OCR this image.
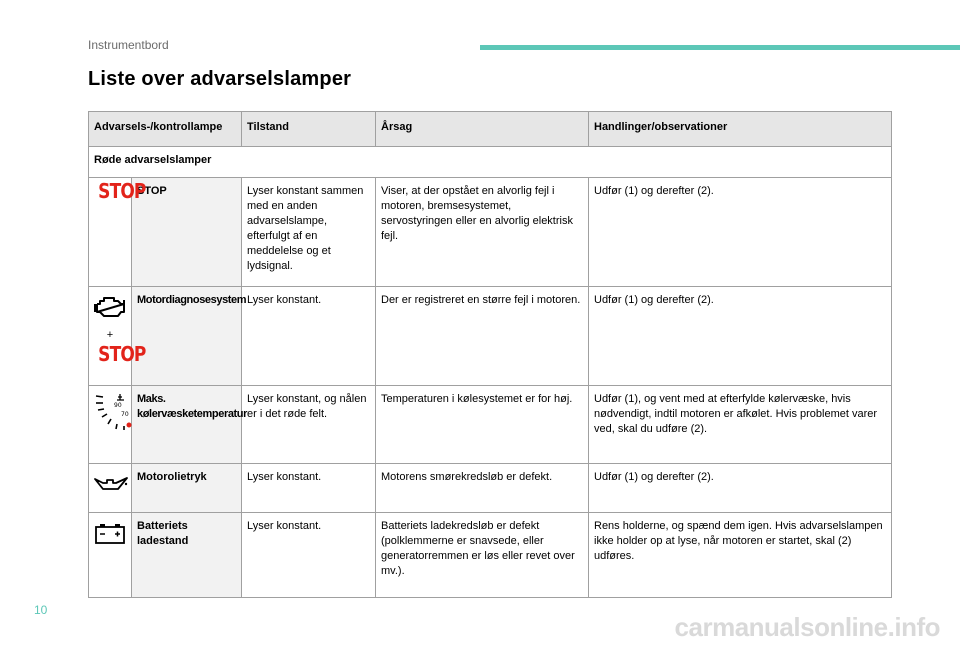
Instrumentbord
Liste over advarselslamper
Advarsels-/kontrollampe		Tilstand	Årsag	Handlinger/observationer
Røde advarselslamper				
STOP	STOP	Lyser konstant sammen med en anden advarselslampe, efterfulgt af en meddelelse og et lydsignal.	Viser, at der opstået en alvorlig fejl i motoren, bremsesystemet, servostyringen eller en alvorlig elektrisk fejl.	Udfør (1) og derefter (2).

+
STOP	Motordiagnosesystem	Lyser konstant.	Der er registreret en større fejl i motoren.	Udfør (1) og derefter (2).

90
70	Maks. kølervæsketemperatur	Lyser konstant, og nålen er i det røde felt.	Temperaturen i kølesystemet er for høj.	Udfør (1), og vent med at efterfylde kølervæske, hvis nødvendigt, indtil motoren er afkølet. Hvis problemet varer ved, skal du udføre (2).
	Motorolietryk	Lyser konstant.	Motorens smørekredsløb er defekt.	Udfør (1) og derefter (2).
	Batteriets ladestand	Lyser konstant.	Batteriets ladekredsløb er defekt (polklemmerne er snavsede, eller generatorremmen er løs eller revet over mv.).	Rens holderne, og spænd dem igen. Hvis advarselslampen ikke holder op at lyse, når motoren er startet, skal (2) udføres.
10
carmanualsonline.info
